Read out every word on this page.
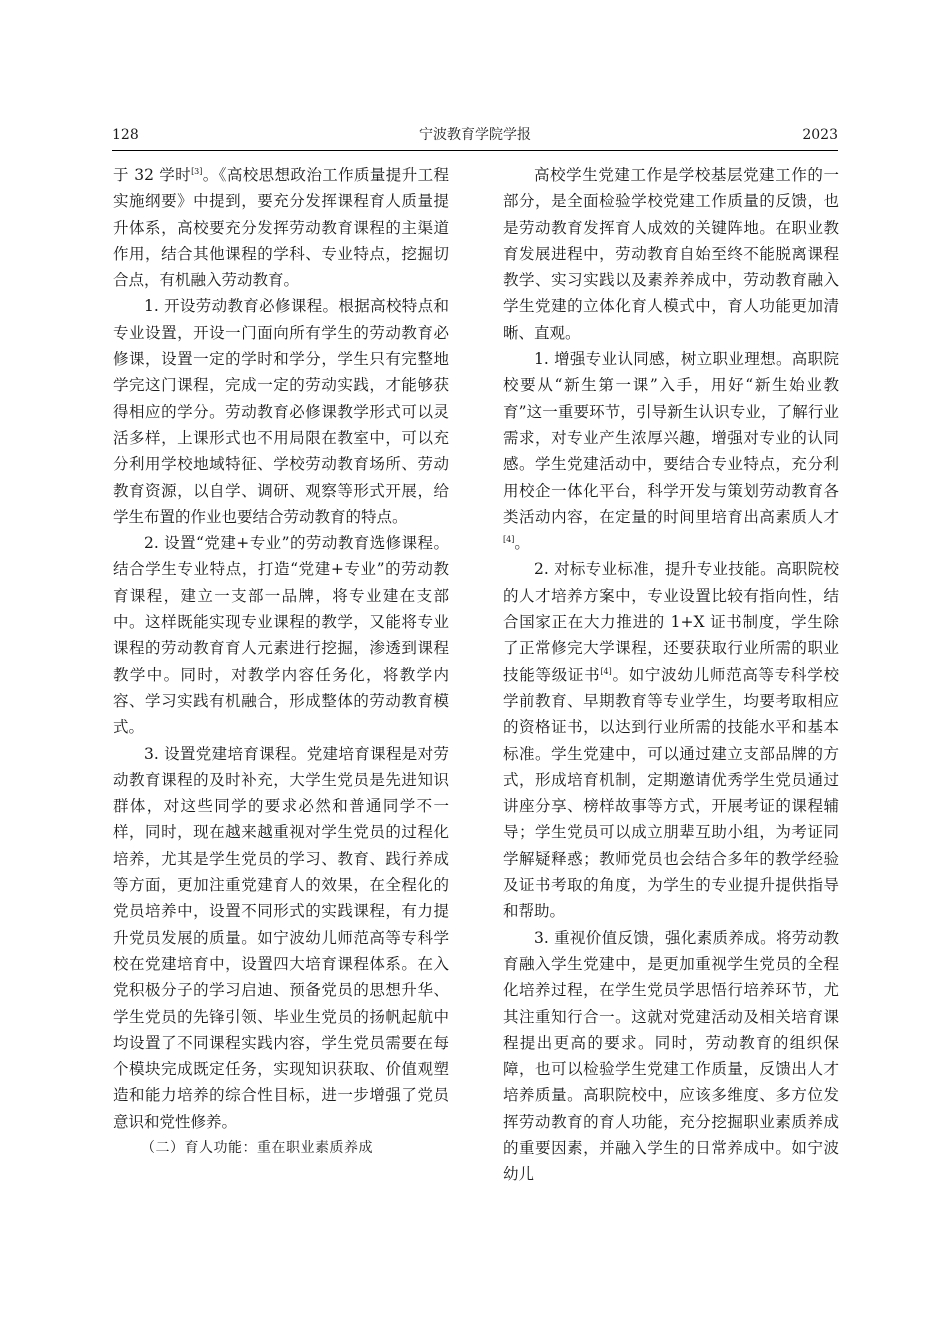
128	宁波教育学院学报	2023

于 32 学时[3]。《高校思想政治工作质量提升工程实施纲要》中提到，要充分发挥课程育人质量提升体系，高校要充分发挥劳动教育课程的主渠道作用，结合其他课程的学科、专业特点，挖掘切合点，有机融入劳动教育。

1. 开设劳动教育必修课程。根据高校特点和专业设置，开设一门面向所有学生的劳动教育必修课，设置一定的学时和学分，学生只有完整地学完这门课程，完成一定的劳动实践，才能够获得相应的学分。劳动教育必修课教学形式可以灵活多样，上课形式也不用局限在教室中，可以充分利用学校地域特征、学校劳动教育场所、劳动教育资源，以自学、调研、观察等形式开展，给学生布置的作业也要结合劳动教育的特点。

2. 设置“党建+专业”的劳动教育选修课程。结合学生专业特点，打造“党建+专业”的劳动教育课程，建立一支部一品牌，将专业建在支部中。这样既能实现专业课程的教学，又能将专业课程的劳动教育育人元素进行挖掘，渗透到课程教学中。同时，对教学内容任务化，将教学内容、学习实践有机融合，形成整体的劳动教育模式。

3. 设置党建培育课程。党建培育课程是对劳动教育课程的及时补充，大学生党员是先进知识群体，对这些同学的要求必然和普通同学不一样，同时，现在越来越重视对学生党员的过程化培养，尤其是学生党员的学习、教育、践行养成等方面，更加注重党建育人的效果，在全程化的党员培养中，设置不同形式的实践课程，有力提升党员发展的质量。如宁波幼儿师范高等专科学校在党建培育中，设置四大培育课程体系。在入党积极分子的学习启迪、预备党员的思想升华、学生党员的先锋引领、毕业生党员的扬帆起航中均设置了不同课程实践内容，学生党员需要在每个模块完成既定任务，实现知识获取、价值观塑造和能力培养的综合性目标，进一步增强了党员意识和党性修养。

（二）育人功能：重在职业素质养成

高校学生党建工作是学校基层党建工作的一部分，是全面检验学校党建工作质量的反馈，也是劳动教育发挥育人成效的关键阵地。在职业教育发展进程中，劳动教育自始至终不能脱离课程教学、实习实践以及素养养成中，劳动教育融入学生党建的立体化育人模式中，育人功能更加清晰、直观。

1. 增强专业认同感，树立职业理想。高职院校要从“新生第一课”入手，用好“新生始业教育”这一重要环节，引导新生认识专业，了解行业需求，对专业产生浓厚兴趣，增强对专业的认同感。学生党建活动中，要结合专业特点，充分利用校企一体化平台，科学开发与策划劳动教育各类活动内容，在定量的时间里培育出高素质人才[4]。

2. 对标专业标准，提升专业技能。高职院校的人才培养方案中，专业设置比较有指向性，结合国家正在大力推进的 1+X 证书制度，学生除了正常修完大学课程，还要获取行业所需的职业技能等级证书[4]。如宁波幼儿师范高等专科学校学前教育、早期教育等专业学生，均要考取相应的资格证书，以达到行业所需的技能水平和基本标准。学生党建中，可以通过建立支部品牌的方式，形成培育机制，定期邀请优秀学生党员通过讲座分享、榜样故事等方式，开展考证的课程辅导；学生党员可以成立朋辈互助小组，为考证同学解疑释惑；教师党员也会结合多年的教学经验及证书考取的角度，为学生的专业提升提供指导和帮助。

3. 重视价值反馈，强化素质养成。将劳动教育融入学生党建中，是更加重视学生党员的全程化培养过程，在学生党员学思悟行培养环节，尤其注重知行合一。这就对党建活动及相关培育课程提出更高的要求。同时，劳动教育的组织保障，也可以检验学生党建工作质量，反馈出人才培养质量。高职院校中，应该多维度、多方位发挥劳动教育的育人功能，充分挖掘职业素质养成的重要因素，并融入学生的日常养成中。如宁波幼儿
